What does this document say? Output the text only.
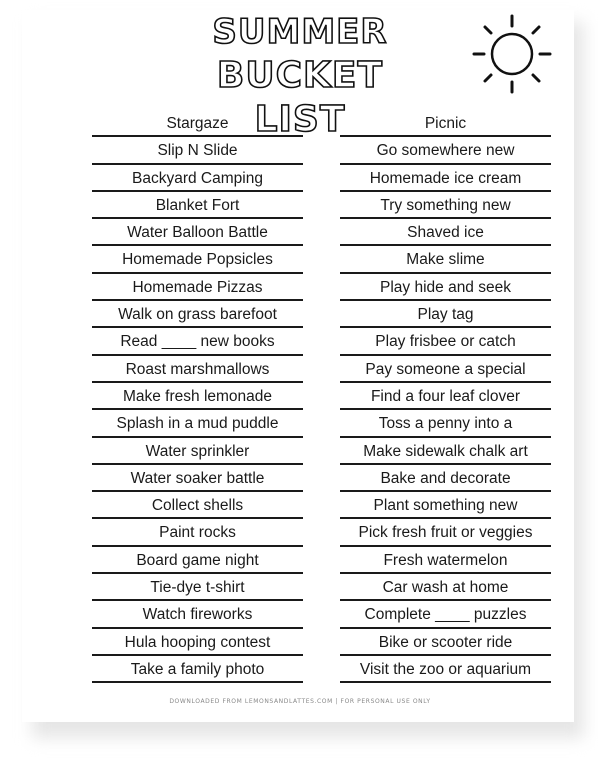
SUMMER
BUCKET LIST
Stargaze
Slip N Slide
Backyard Camping
Blanket Fort
Water Balloon Battle
Homemade Popsicles
Homemade Pizzas
Walk on grass barefoot
Read ____ new books
Roast marshmallows
Make fresh lemonade
Splash in a mud puddle
Water sprinkler
Water soaker battle
Collect shells
Paint rocks
Board game night
Tie-dye t-shirt
Watch fireworks
Hula hooping contest
Take a family photo
Picnic
Go somewhere new
Homemade ice cream
Try something new
Shaved ice
Make slime
Play hide and seek
Play tag
Play frisbee or catch
Pay someone a special
Find a four leaf clover
Toss a penny into a
Make sidewalk chalk art
Bake and decorate
Plant something new
Pick fresh fruit or veggies
Fresh watermelon
Car wash at home
Complete ____ puzzles
Bike or scooter ride
Visit the zoo or aquarium
DOWNLOADED FROM LEMONSANDLATTES.COM | FOR PERSONAL USE ONLY
